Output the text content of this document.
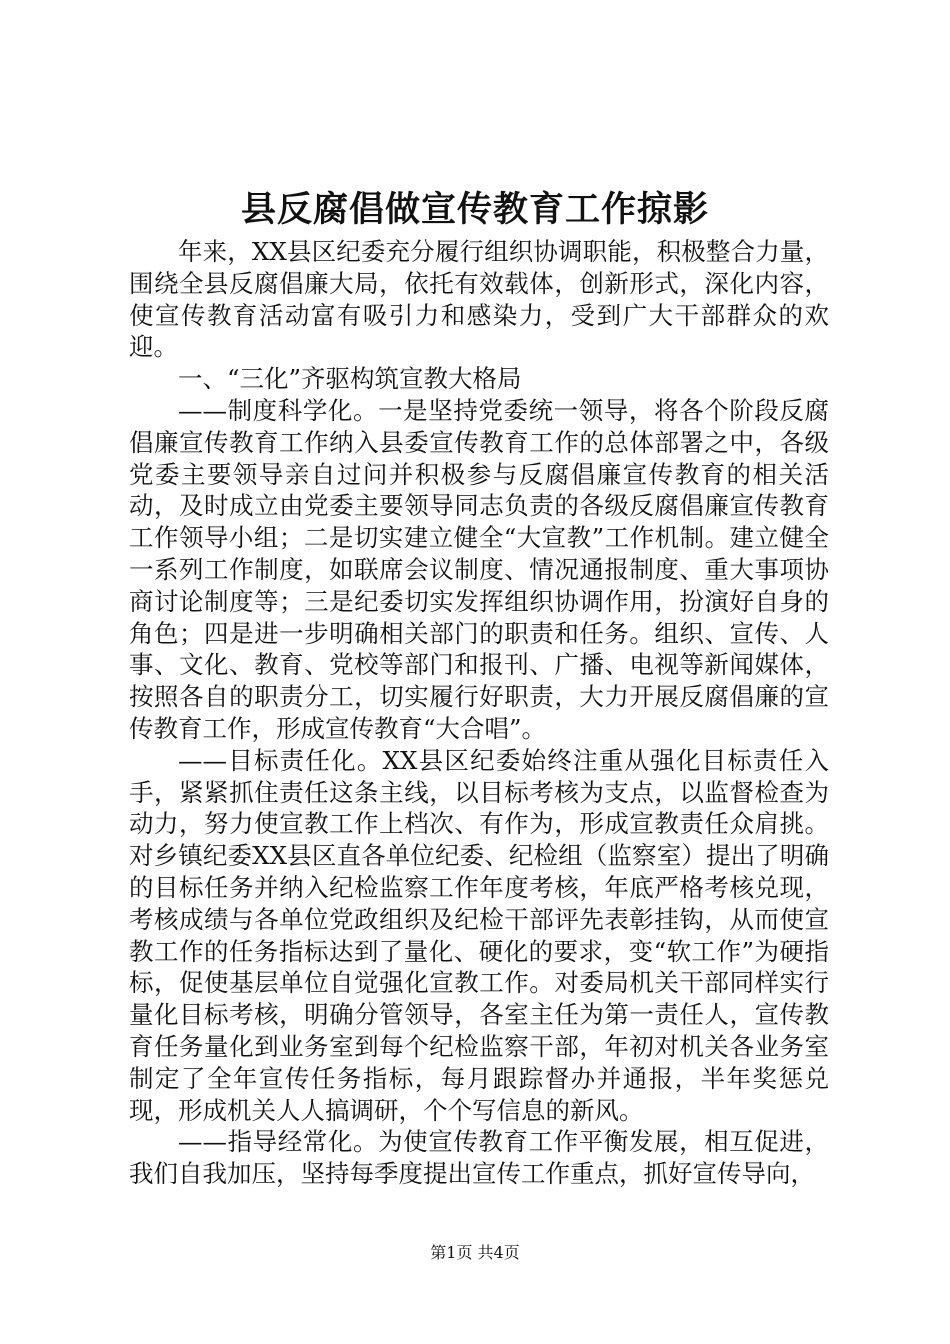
县反腐倡做宣传教育工作掠影

年来，XX县区纪委充分履行组织协调职能，积极整合力量，围绕全县反腐倡廉大局，依托有效载体，创新形式，深化内容，使宣传教育活动富有吸引力和感染力，受到广大干部群众的欢迎。

一、“三化”齐驱构筑宣教大格局

——制度科学化。一是坚持党委统一领导，将各个阶段反腐倡廉宣传教育工作纳入县委宣传教育工作的总体部署之中，各级党委主要领导亲自过问并积极参与反腐倡廉宣传教育的相关活动，及时成立由党委主要领导同志负责的各级反腐倡廉宣传教育工作领导小组；二是切实建立健全“大宣教”工作机制。建立健全一系列工作制度，如联席会议制度、情况通报制度、重大事项协商讨论制度等；三是纪委切实发挥组织协调作用，扮演好自身的角色；四是进一步明确相关部门的职责和任务。组织、宣传、人事、文化、教育、党校等部门和报刊、广播、电视等新闻媒体，按照各自的职责分工，切实履行好职责，大力开展反腐倡廉的宣传教育工作，形成宣传教育“大合唱”。

——目标责任化。XX县区纪委始终注重从强化目标责任入手，紧紧抓住责任这条主线，以目标考核为支点，以监督检查为动力，努力使宣教工作上档次、有作为，形成宣教责任众肩挑。对乡镇纪委XX县区直各单位纪委、纪检组（监察室）提出了明确的目标任务并纳入纪检监察工作年度考核，年底严格考核兑现，考核成绩与各单位党政组织及纪检干部评先表彰挂钩，从而使宣教工作的任务指标达到了量化、硬化的要求，变“软工作”为硬指标，促使基层单位自觉强化宣教工作。对委局机关干部同样实行量化目标考核，明确分管领导，各室主任为第一责任人，宣传教育任务量化到业务室到每个纪检监察干部，年初对机关各业务室制定了全年宣传任务指标，每月跟踪督办并通报，半年奖惩兑现，形成机关人人搞调研，个个写信息的新风。

——指导经常化。为使宣传教育工作平衡发展，相互促进，我们自我加压，坚持每季度提出宣传工作重点，抓好宣传导向，

第1页 共4页
